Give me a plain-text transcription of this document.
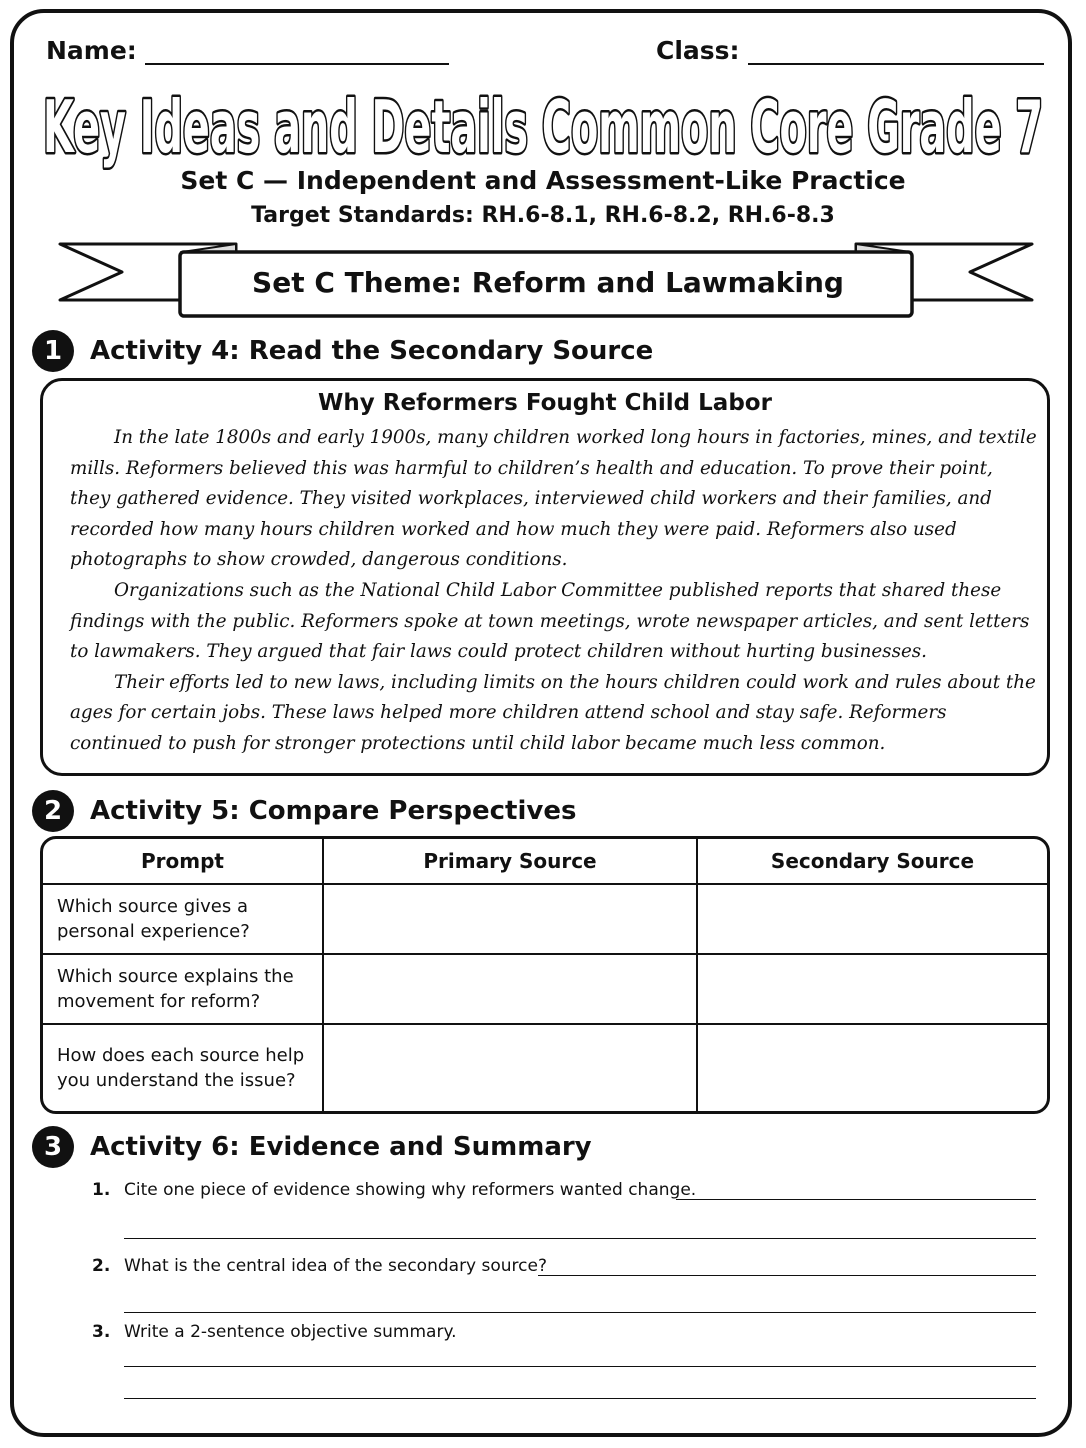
Name:	Class:
Key Ideas and Details Common Core Grade 7
Set C — Independent and Assessment-Like Practice
Target Standards: RH.6-8.1, RH.6-8.2, RH.6-8.3
Set C Theme: Reform and Lawmaking
1	Activity 4: Read the Secondary Source
Why Reformers Fought Child Labor

In the late 1800s and early 1900s, many children worked long hours in factories, mines, and textile mills. Reformers believed this was harmful to children’s health and education. To prove their point, they gathered evidence. They visited workplaces, interviewed child workers and their families, and recorded how many hours children worked and how much they were paid. Reformers also used photographs to show crowded, dangerous conditions.

Organizations such as the National Child Labor Committee published reports that shared these findings with the public. Reformers spoke at town meetings, wrote newspaper articles, and sent letters to lawmakers. They argued that fair laws could protect children without hurting businesses.

Their efforts led to new laws, including limits on the hours children could work and rules about the ages for certain jobs. These laws helped more children attend school and stay safe. Reformers continued to push for stronger protections until child labor became much less common.

2	Activity 5: Compare Perspectives
Prompt	Primary Source	Secondary Source
Which source gives a personal experience?		
Which source explains the movement for reform?		
How does each source help you understand the issue?		
3	Activity 6: Evidence and Summary
1. Cite one piece of evidence showing why reformers wanted change.
2. What is the central idea of the secondary source?
3. Write a 2-sentence objective summary.
